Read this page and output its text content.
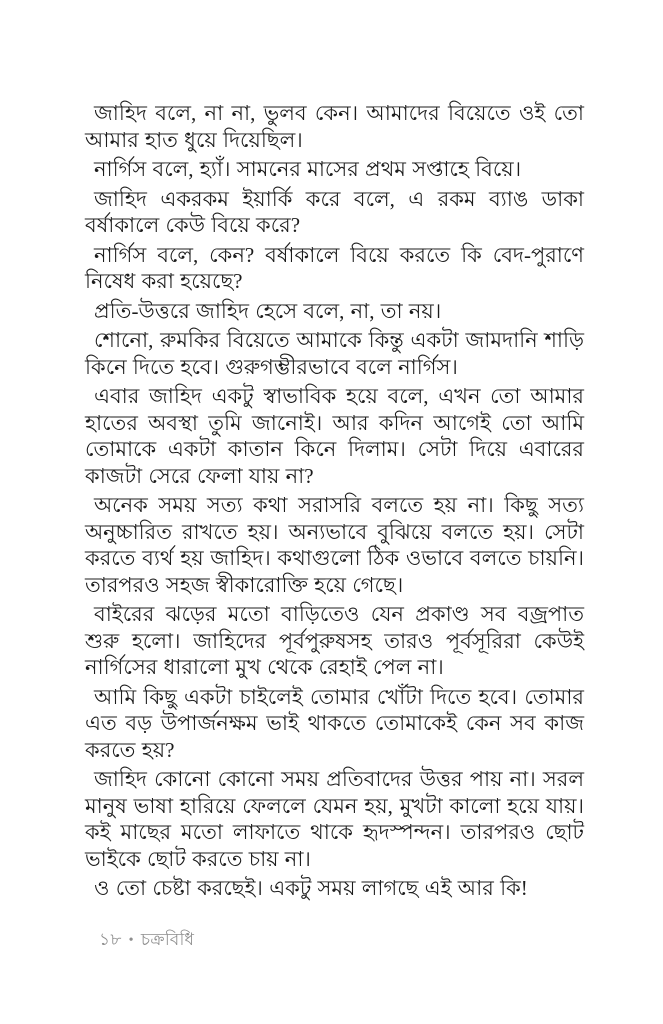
জাহিদ বলে, না না, ভুলব কেন। আমাদের বিয়েতে ওই তো আমার হাত ধুয়ে দিয়েছিল।

নার্গিস বলে, হ্যাঁ। সামনের মাসের প্রথম সপ্তাহে বিয়ে।

জাহিদ একরকম ইয়ার্কি করে বলে, এ রকম ব্যাঙ ডাকা বর্ষাকালে কেউ বিয়ে করে?

নার্গিস বলে, কেন? বর্ষাকালে বিয়ে করতে কি বেদ-পুরাণে নিষেধ করা হয়েছে?

প্রতি-উত্তরে জাহিদ হেসে বলে, না, তা নয়।

শোনো, রুমকির বিয়েতে আমাকে কিন্তু একটা জামদানি শাড়ি কিনে দিতে হবে। গুরুগম্ভীরভাবে বলে নার্গিস।

এবার জাহিদ একটু স্বাভাবিক হয়ে বলে, এখন তো আমার হাতের অবস্থা তুমি জানোই। আর কদিন আগেই তো আমি তোমাকে একটা কাতান কিনে দিলাম। সেটা দিয়ে এবারের কাজটা সেরে ফেলা যায় না?

অনেক সময় সত্য কথা সরাসরি বলতে হয় না। কিছু সত্য অনুচ্চারিত রাখতে হয়। অন্যভাবে বুঝিয়ে বলতে হয়। সেটা করতে ব্যর্থ হয় জাহিদ। কথাগুলো ঠিক ওভাবে বলতে চায়নি। তারপরও সহজ স্বীকারোক্তি হয়ে গেছে।

বাইরের ঝড়ের মতো বাড়িতেও যেন প্রকাণ্ড সব বজ্রপাত শুরু হলো। জাহিদের পূর্বপুরুষসহ তারও পূর্বসূরিরা কেউই নার্গিসের ধারালো মুখ থেকে রেহাই পেল না।

আমি কিছু একটা চাইলেই তোমার খোঁটা দিতে হবে। তোমার এত বড় উপার্জনক্ষম ভাই থাকতে তোমাকেই কেন সব কাজ করতে হয়?

জাহিদ কোনো কোনো সময় প্রতিবাদের উত্তর পায় না। সরল মানুষ ভাষা হারিয়ে ফেললে যেমন হয়, মুখটা কালো হয়ে যায়। কই মাছের মতো লাফাতে থাকে হৃদস্পন্দন। তারপরও ছোট ভাইকে ছোট করতে চায় না।

ও তো চেষ্টা করছেই। একটু সময় লাগছে এই আর কি!

১৮ • চক্রবিধি
